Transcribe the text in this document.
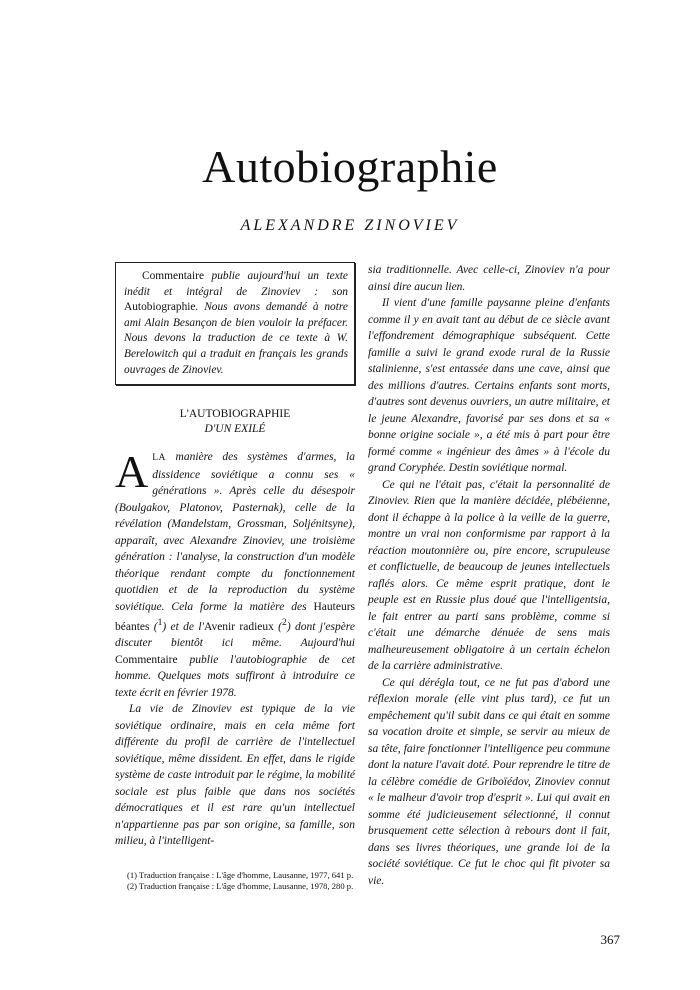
Autobiographie
ALEXANDRE ZINOVIEV

Commentaire publie aujourd'hui un texte inédit et intégral de Zinoviev : son Autobiographie. Nous avons demandé à notre ami Alain Besançon de bien vouloir la préfacer. Nous devons la traduction de ce texte à W. Berelowitch qui a traduit en français les grands ouvrages de Zinoviev.

L'AUTOBIOGRAPHIE
D'UN EXILÉ

ALA manière des systèmes d'armes, la dissidence soviétique a connu ses « générations ». Après celle du désespoir (Boulgakov, Platonov, Pasternak), celle de la révélation (Mandelstam, Grossman, Soljénitsyne), apparaît, avec Alexandre Zinoviev, une troisième génération : l'analyse, la construction d'un modèle théorique rendant compte du fonctionnement quotidien et de la reproduction du système soviétique. Cela forme la matière des Hauteurs béantes ($^1$) et de l'Avenir radieux ($^2$) dont j'espère discuter bientôt ici même. Aujourd'hui Commentaire publie l'autobiographie de cet homme. Quelques mots suffiront à introduire ce texte écrit en février 1978.

La vie de Zinoviev est typique de la vie soviétique ordinaire, mais en cela même fort différente du profil de carrière de l'intellectuel soviétique, même dissident. En effet, dans le rigide système de caste introduit par le régime, la mobilité sociale est plus faible que dans nos sociétés démocratiques et il est rare qu'un intellectuel n'appartienne pas par son origine, sa famille, son milieu, à l'intelligent-

(1) Traduction française : L'âge d'homme, Lausanne, 1977, 641 p.

(2) Traduction française : L'âge d'homme, Lausanne, 1978, 280 p.

sia traditionnelle. Avec celle-ci, Zinoviev n'a pour ainsi dire aucun lien.

Il vient d'une famille paysanne pleine d'enfants comme il y en avait tant au début de ce siècle avant l'effondrement démographique subséquent. Cette famille a suivi le grand exode rural de la Russie stalinienne, s'est entassée dans une cave, ainsi que des millions d'autres. Certains enfants sont morts, d'autres sont devenus ouvriers, un autre militaire, et le jeune Alexandre, favorisé par ses dons et sa « bonne origine sociale », a été mis à part pour être formé comme « ingénieur des âmes » à l'école du grand Coryphée. Destin soviétique normal.

Ce qui ne l'était pas, c'était la personnalité de Zinoviev. Rien que la manière décidée, plébéienne, dont il échappe à la police à la veille de la guerre, montre un vrai non conformisme par rapport à la réaction moutonnière ou, pire encore, scrupuleuse et conflictuelle, de beaucoup de jeunes intellectuels raflés alors. Ce même esprit pratique, dont le peuple est en Russie plus doué que l'intelligentsia, le fait entrer au parti sans problème, comme si c'était une démarche dénuée de sens mais malheureusement obligatoire à un certain échelon de la carrière administrative.

Ce qui dérégla tout, ce ne fut pas d'abord une réflexion morale (elle vint plus tard), ce fut un empêchement qu'il subit dans ce qui était en somme sa vocation droite et simple, se servir au mieux de sa tête, faire fonctionner l'intelligence peu commune dont la nature l'avait doté. Pour reprendre le titre de la célèbre comédie de Griboïédov, Zinoviev connut « le malheur d'avoir trop d'esprit ». Lui qui avait en somme été judicieusement sélectionné, il connut brusquement cette sélection à rebours dont il fait, dans ses livres théoriques, une grande loi de la société soviétique. Ce fut le choc qui fit pivoter sa vie.

367
